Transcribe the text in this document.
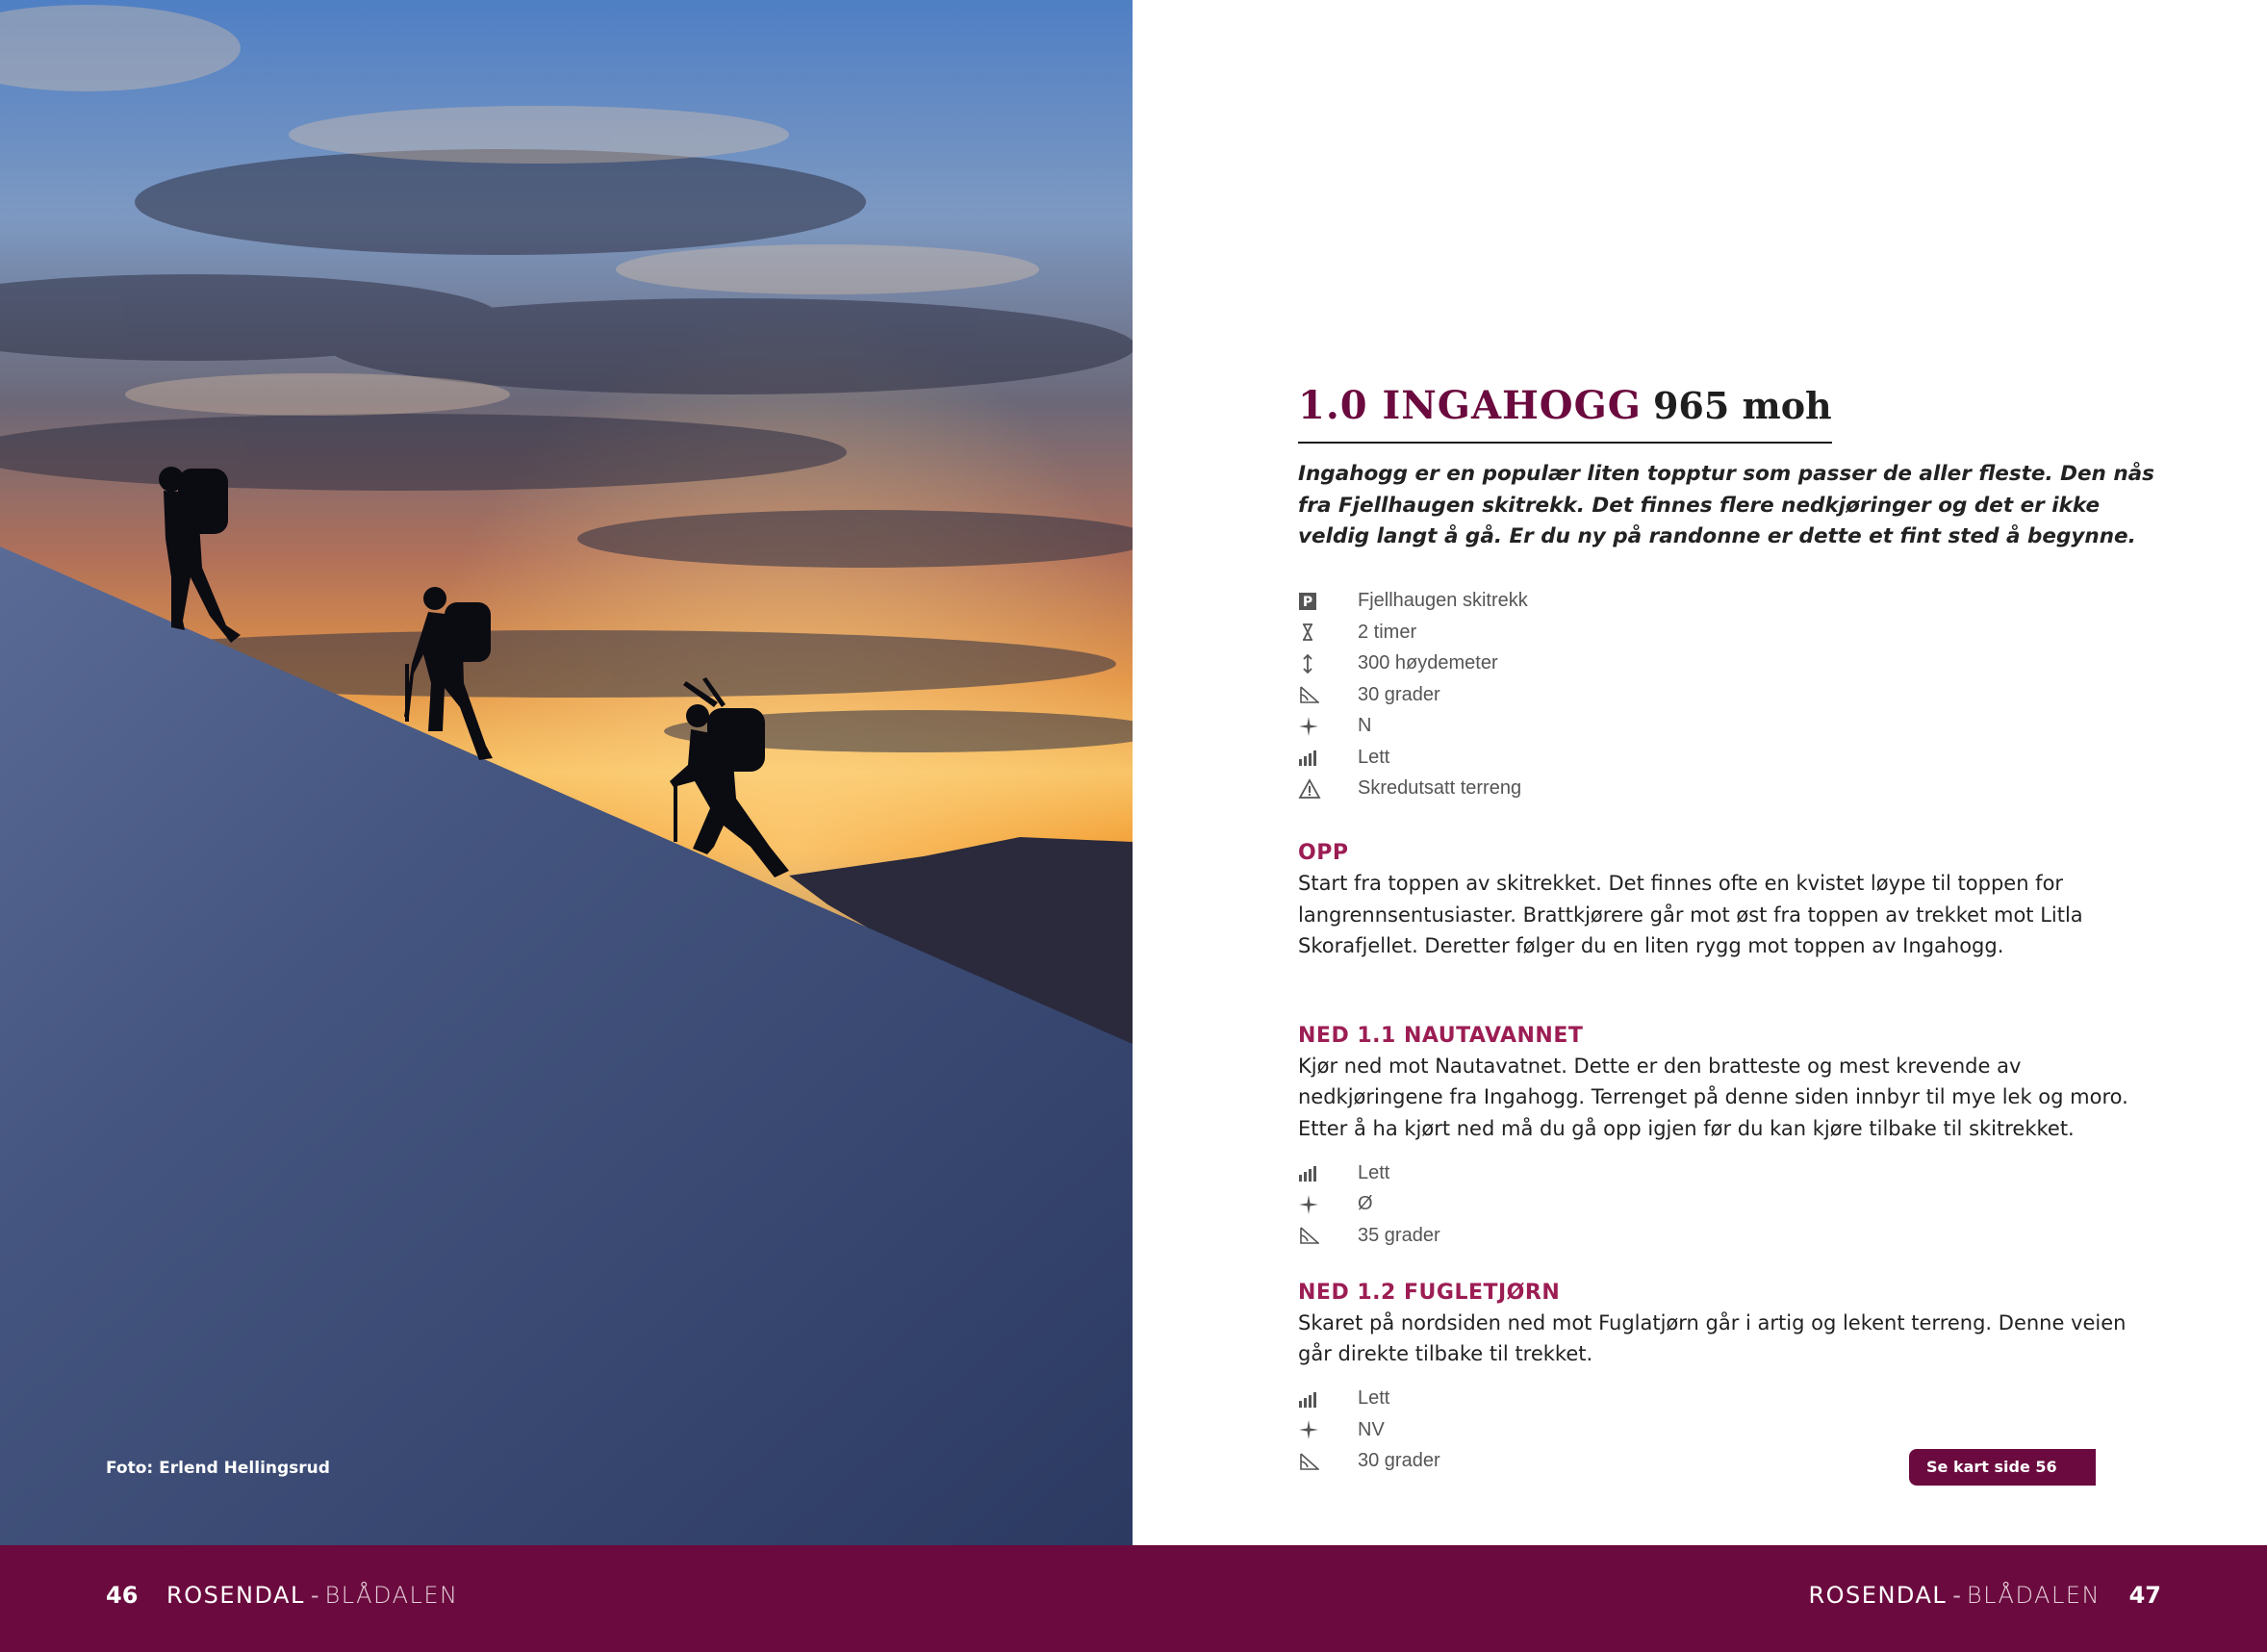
Foto: Erlend Hellingsrud
1.0 INGAHOGG 965 moh

Ingahogg er en populær liten topptur som passer de aller fleste. Den nås fra Fjellhaugen skitrekk. Det finnes flere nedkjøringer og det er ikke veldig langt å gå. Er du ny på randonne er dette et fint sted å begynne.

P Fjellhaugen skitrekk
2 timer
300 høydemeter
30 grader
N
Lett
Skredutsatt terreng
OPP

Start fra toppen av skitrekket. Det finnes ofte en kvistet løype til toppen for langrennsentusiaster. Brattkjørere går mot øst fra toppen av trekket mot Litla Skorafjellet. Deretter følger du en liten rygg mot toppen av Ingahogg.

NED 1.1 NAUTAVANNET

Kjør ned mot Nautavatnet. Dette er den bratteste og mest krevende av nedkjøringene fra Ingahogg. Terrenget på denne siden innbyr til mye lek og moro. Etter å ha kjørt ned må du gå opp igjen før du kan kjøre tilbake til skitrekket.

Lett
Ø
35 grader
NED 1.2 FUGLETJØRN

Skaret på nordsiden ned mot Fuglatjørn går i artig og lekent terreng. Denne veien går direkte tilbake til trekket.

Lett
NV
30 grader	Se kart side 56
46 ROSENDAL - BLÅDALEN	ROSENDAL - BLÅDALEN 47
